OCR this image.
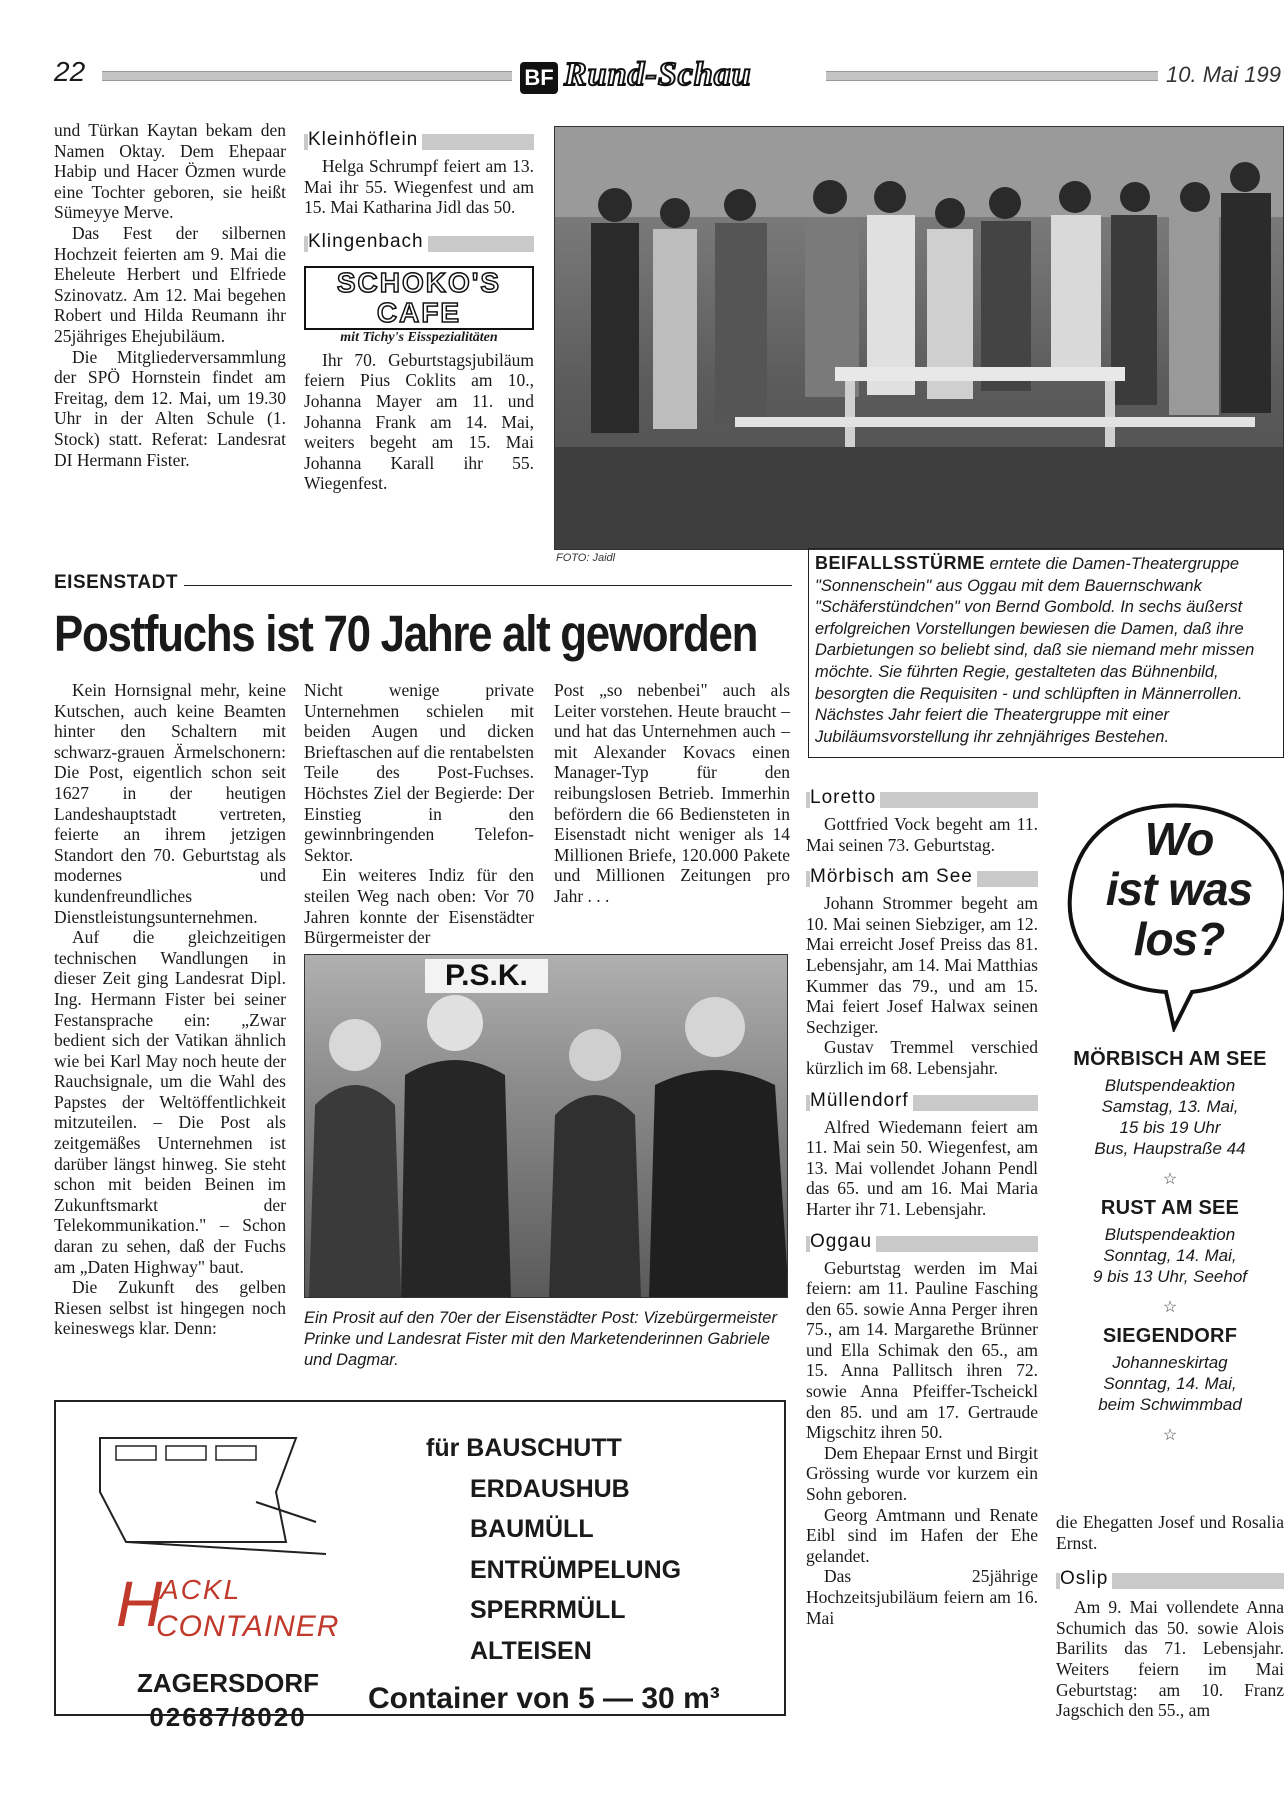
22	BF Rund-Schau	10. Mai 199

und Türkan Kaytan bekam den Namen Oktay. Dem Ehepaar Habip und Hacer Özmen wurde eine Tochter geboren, sie heißt Sümeyye Merve.

Das Fest der silbernen Hochzeit feierten am 9. Mai die Eheleute Herbert und Elfriede Szinovatz. Am 12. Mai begehen Robert und Hilda Reumann ihr 25jähriges Ehejubiläum.

Die Mitgliederversammlung der SPÖ Hornstein findet am Freitag, dem 12. Mai, um 19.30 Uhr in der Alten Schule (1. Stock) statt. Referat: Landesrat DI Hermann Fister.

Kleinhöflein

Helga Schrumpf feiert am 13. Mai ihr 55. Wiegenfest und am 15. Mai Katharina Jidl das 50.

Klingenbach
SCHOKO'S CAFE
mit Tichy's Eisspezialitäten

Ihr 70. Geburtstagsjubiläum feiern Pius Coklits am 10., Johanna Mayer am 11. und Johanna Frank am 14. Mai, weiters begeht am 15. Mai Johanna Karall ihr 55. Wiegenfest.

FOTO: Jaidl	BEIFALLSSTÜRME erntete die Damen-Theatergruppe "Sonnenschein" aus Oggau mit dem Bauernschwank "Schäferstündchen" von Bernd Gombold. In sechs äußerst erfolgreichen Vorstellungen bewiesen die Damen, daß ihre Darbietungen so beliebt sind, daß sie niemand mehr missen möchte. Sie führten Regie, gestalteten das Bühnenbild, besorgten die Requisiten - und schlüpften in Männerrollen. Nächstes Jahr feiert die Theatergruppe mit einer Jubiläumsvorstellung ihr zehnjähriges Bestehen.

EISENSTADT
Postfuchs ist 70 Jahre alt geworden

Kein Hornsignal mehr, keine Kutschen, auch keine Beamten hinter den Schaltern mit schwarz-grauen Ärmelschonern: Die Post, eigentlich schon seit 1627 in der heutigen Landeshauptstadt vertreten, feierte an ihrem jetzigen Standort den 70. Geburtstag als modernes und kundenfreundliches Dienstleistungsunternehmen.

Auf die gleichzeitigen technischen Wandlungen in dieser Zeit ging Landesrat Dipl. Ing. Hermann Fister bei seiner Festansprache ein: „Zwar bedient sich der Vatikan ähnlich wie bei Karl May noch heute der Rauchsignale, um die Wahl des Papstes der Weltöffentlichkeit mitzuteilen. – Die Post als zeitgemäßes Unternehmen ist darüber längst hinweg. Sie steht schon mit beiden Beinen im Zukunftsmarkt der Telekommunikation." – Schon daran zu sehen, daß der Fuchs am „Daten Highway" baut.

Die Zukunft des gelben Riesen selbst ist hingegen noch keineswegs klar. Denn:

Nicht wenige private Unternehmen schielen mit beiden Augen und dicken Brieftaschen auf die rentabelsten Teile des Post-Fuchses. Höchstes Ziel der Begierde: Der Einstieg in den gewinnbringenden Telefon-Sektor.

Ein weiteres Indiz für den steilen Weg nach oben: Vor 70 Jahren konnte der Eisenstädter Bürgermeister der

Post „so nebenbei" auch als Leiter vorstehen. Heute braucht – und hat das Unternehmen auch – mit Alexander Kovacs einen Manager-Typ für den reibungslosen Betrieb. Immerhin befördern die 66 Bediensteten in Eisenstadt nicht weniger als 14 Millionen Briefe, 120.000 Pakete und Millionen Zeitungen pro Jahr . . .

P.S.K.

Ein Prosit auf den 70er der Eisenstädter Post: Vizebürgermeister Prinke und Landesrat Fister mit den Marketenderinnen Gabriele und Dagmar.

H
ACKL
CONTAINER
ZAGERSDORF
02687/8020
für BAUSCHUTT
ERDAUSHUB
BAUMÜLL
ENTRÜMPELUNG
SPERRMÜLL
ALTEISEN
Container von 5 — 30 m³
Loretto

Gottfried Vock begeht am 11. Mai seinen 73. Geburtstag.

Mörbisch am See

Johann Strommer begeht am 10. Mai seinen Siebziger, am 12. Mai erreicht Josef Preiss das 81. Lebensjahr, am 14. Mai Matthias Kummer das 79., und am 15. Mai feiert Josef Halwax seinen Sechziger.

Gustav Tremmel verschied kürzlich im 68. Lebensjahr.

Müllendorf

Alfred Wiedemann feiert am 11. Mai sein 50. Wiegenfest, am 13. Mai vollendet Johann Pendl das 65. und am 16. Mai Maria Harter ihr 71. Lebensjahr.

Oggau

Geburtstag werden im Mai feiern: am 11. Pauline Fasching den 65. sowie Anna Perger ihren 75., am 14. Margarethe Brünner und Ella Schimak den 65., am 15. Anna Pallitsch ihren 72. sowie Anna Pfeiffer-Tscheickl den 85. und am 17. Gertraude Migschitz ihren 50.

Dem Ehepaar Ernst und Birgit Grössing wurde vor kurzem ein Sohn geboren.

Georg Amtmann und Renate Eibl sind im Hafen der Ehe gelandet.

Das 25jährige Hochzeitsjubiläum feiern am 16. Mai

Wo
ist was
los?
MÖRBISCH AM SEE
Blutspendeaktion
Samstag, 13. Mai,
15 bis 19 Uhr
Bus, Haupstraße 44
☆
RUST AM SEE
Blutspendeaktion
Sonntag, 14. Mai,
9 bis 13 Uhr, Seehof
☆
SIEGENDORF
Johanneskirtag
Sonntag, 14. Mai,
beim Schwimmbad
☆

die Ehegatten Josef und Rosalia Ernst.

Oslip

Am 9. Mai vollendete Anna Schumich das 50. sowie Alois Barilits das 71. Lebensjahr. Weiters feiern im Mai Geburtstag: am 10. Franz Jagschich den 55., am
